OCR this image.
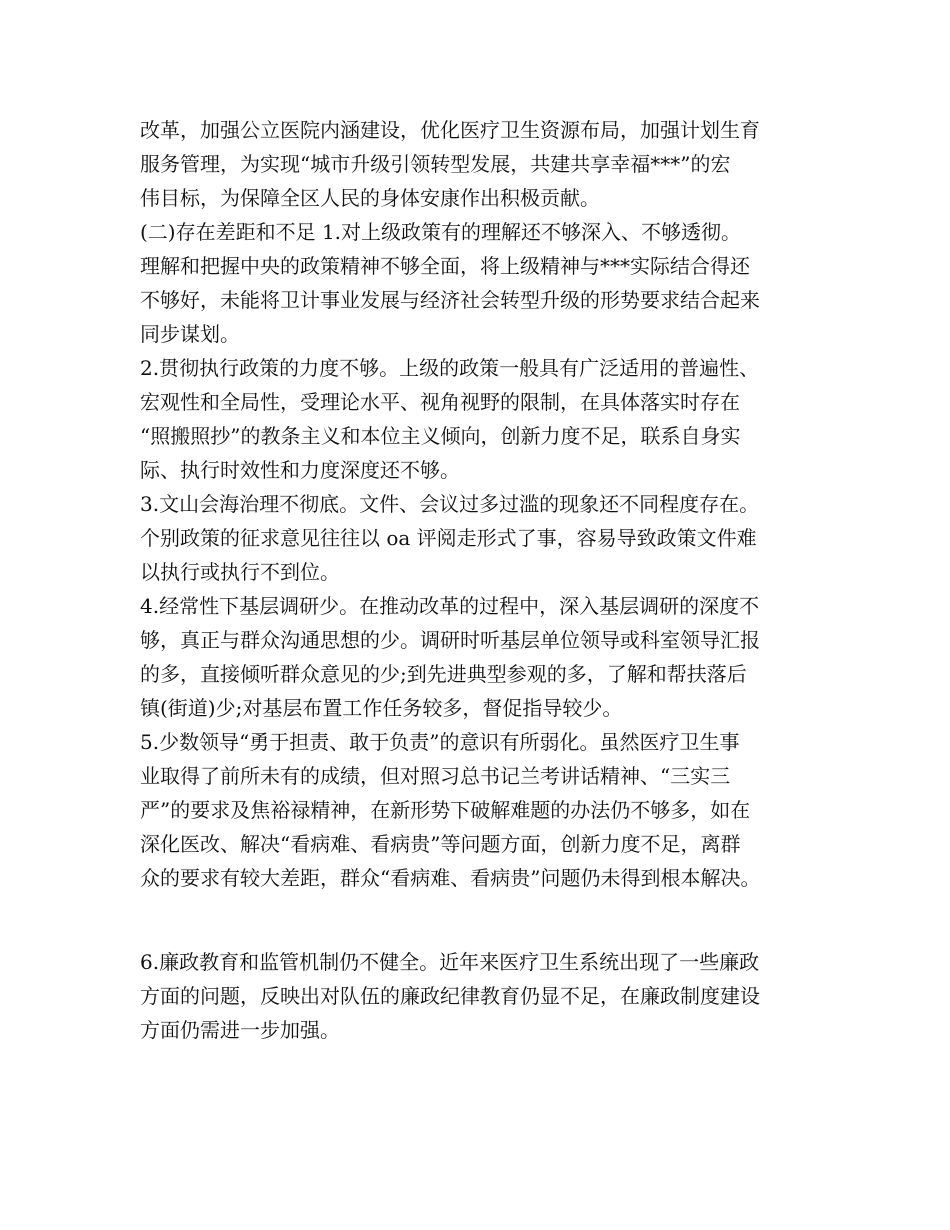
改革，加强公立医院内涵建设，优化医疗卫生资源布局，加强计划生育
服务管理，为实现“城市升级引领转型发展，共建共享幸福***”的宏
伟目标，为保障全区人民的身体安康作出积极贡献。
(二)存在差距和不足 1.对上级政策有的理解还不够深入、不够透彻。
理解和把握中央的政策精神不够全面，将上级精神与***实际结合得还
不够好，未能将卫计事业发展与经济社会转型升级的形势要求结合起来
同步谋划。
2.贯彻执行政策的力度不够。上级的政策一般具有广泛适用的普遍性、
宏观性和全局性，受理论水平、视角视野的限制，在具体落实时存在
“照搬照抄”的教条主义和本位主义倾向，创新力度不足，联系自身实
际、执行时效性和力度深度还不够。
3.文山会海治理不彻底。文件、会议过多过滥的现象还不同程度存在。
个别政策的征求意见往往以 oa 评阅走形式了事，容易导致政策文件难
以执行或执行不到位。
4.经常性下基层调研少。在推动改革的过程中，深入基层调研的深度不
够，真正与群众沟通思想的少。调研时听基层单位领导或科室领导汇报
的多，直接倾听群众意见的少;到先进典型参观的多，了解和帮扶落后
镇(街道)少;对基层布置工作任务较多，督促指导较少。
5.少数领导“勇于担责、敢于负责”的意识有所弱化。虽然医疗卫生事
业取得了前所未有的成绩，但对照习总书记兰考讲话精神、“三实三
严”的要求及焦裕禄精神，在新形势下破解难题的办法仍不够多，如在
深化医改、解决“看病难、看病贵”等问题方面，创新力度不足，离群
众的要求有较大差距，群众“看病难、看病贵”问题仍未得到根本解决。
6.廉政教育和监管机制仍不健全。近年来医疗卫生系统出现了一些廉政
方面的问题，反映出对队伍的廉政纪律教育仍显不足，在廉政制度建设
方面仍需进一步加强。
